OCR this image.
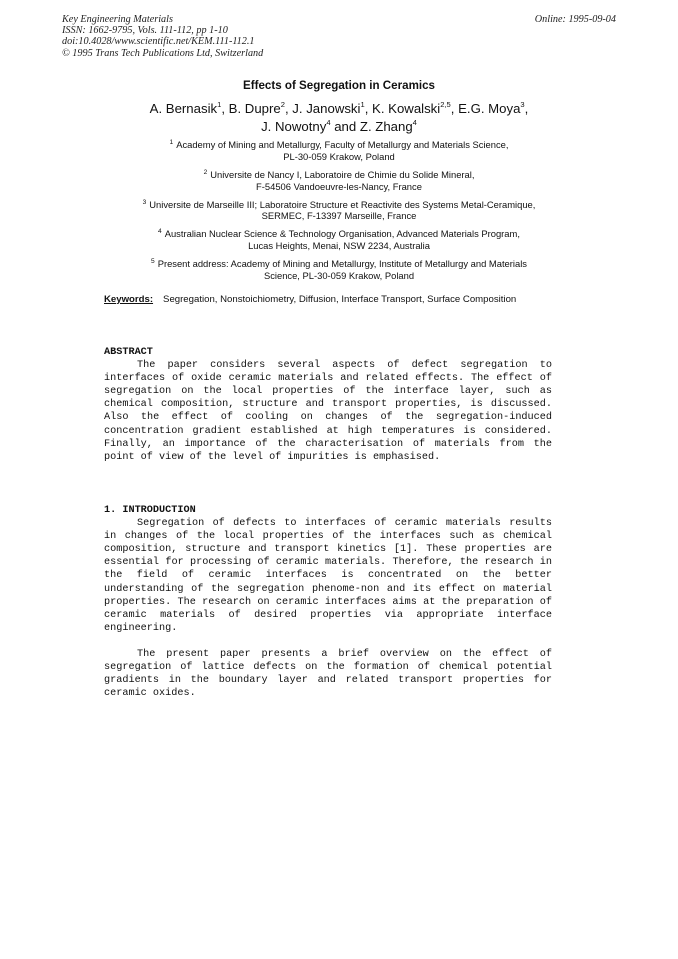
Key Engineering Materials
ISSN: 1662-9795, Vols. 111-112, pp 1-10
doi:10.4028/www.scientific.net/KEM.111-112.1
© 1995 Trans Tech Publications Ltd, Switzerland
Online: 1995-09-04
Effects of Segregation in Ceramics
A. Bernasik$^1$, B. Dupre$^2$, J. Janowski$^1$, K. Kowalski$^{2,5}$, E.G. Moya$^3$,
J. Nowotny$^4$ and Z. Zhang$^4$
$^1$ Academy of Mining and Metallurgy, Faculty of Metallurgy and Materials Science,
PL-30-059 Krakow, Poland
$^2$ Universite de Nancy I, Laboratoire de Chimie du Solide Mineral,
F-54506 Vandoeuvre-les-Nancy, France
$^3$ Universite de Marseille III; Laboratoire Structure et Reactivite des Systems Metal-Ceramique,
SERMEC, F-13397 Marseille, France
$^4$ Australian Nuclear Science & Technology Organisation, Advanced Materials Program,
Lucas Heights, Menai, NSW 2234, Australia
$^5$ Present address: Academy of Mining and Metallurgy, Institute of Metallurgy and Materials
Science, PL-30-059 Krakow, Poland
Keywords: Segregation, Nonstoichiometry, Diffusion, Interface Transport, Surface Composition
ABSTRACT

The paper considers several aspects of defect segregation to interfaces of oxide ceramic materials and related effects. The effect of segregation on the local properties of the interface layer, such as chemical composition, structure and transport properties, is discussed. Also the effect of cooling on changes of the segregation-induced concentration gradient established at high temperatures is considered. Finally, an importance of the characterisation of materials from the point of view of the level of impurities is emphasised.

1. INTRODUCTION

Segregation of defects to interfaces of ceramic materials results in changes of the local properties of the interfaces such as chemical composition, structure and transport kinetics [1]. These properties are essential for processing of ceramic materials. Therefore, the research in the field of ceramic interfaces is concentrated on the better understanding of the segregation phenome-non and its effect on material properties. The research on ceramic interfaces aims at the preparation of ceramic materials of desired properties via appropriate interface engineering.

The present paper presents a brief overview on the effect of segregation of lattice defects on the formation of chemical potential gradients in the boundary layer and related transport properties for ceramic oxides.
